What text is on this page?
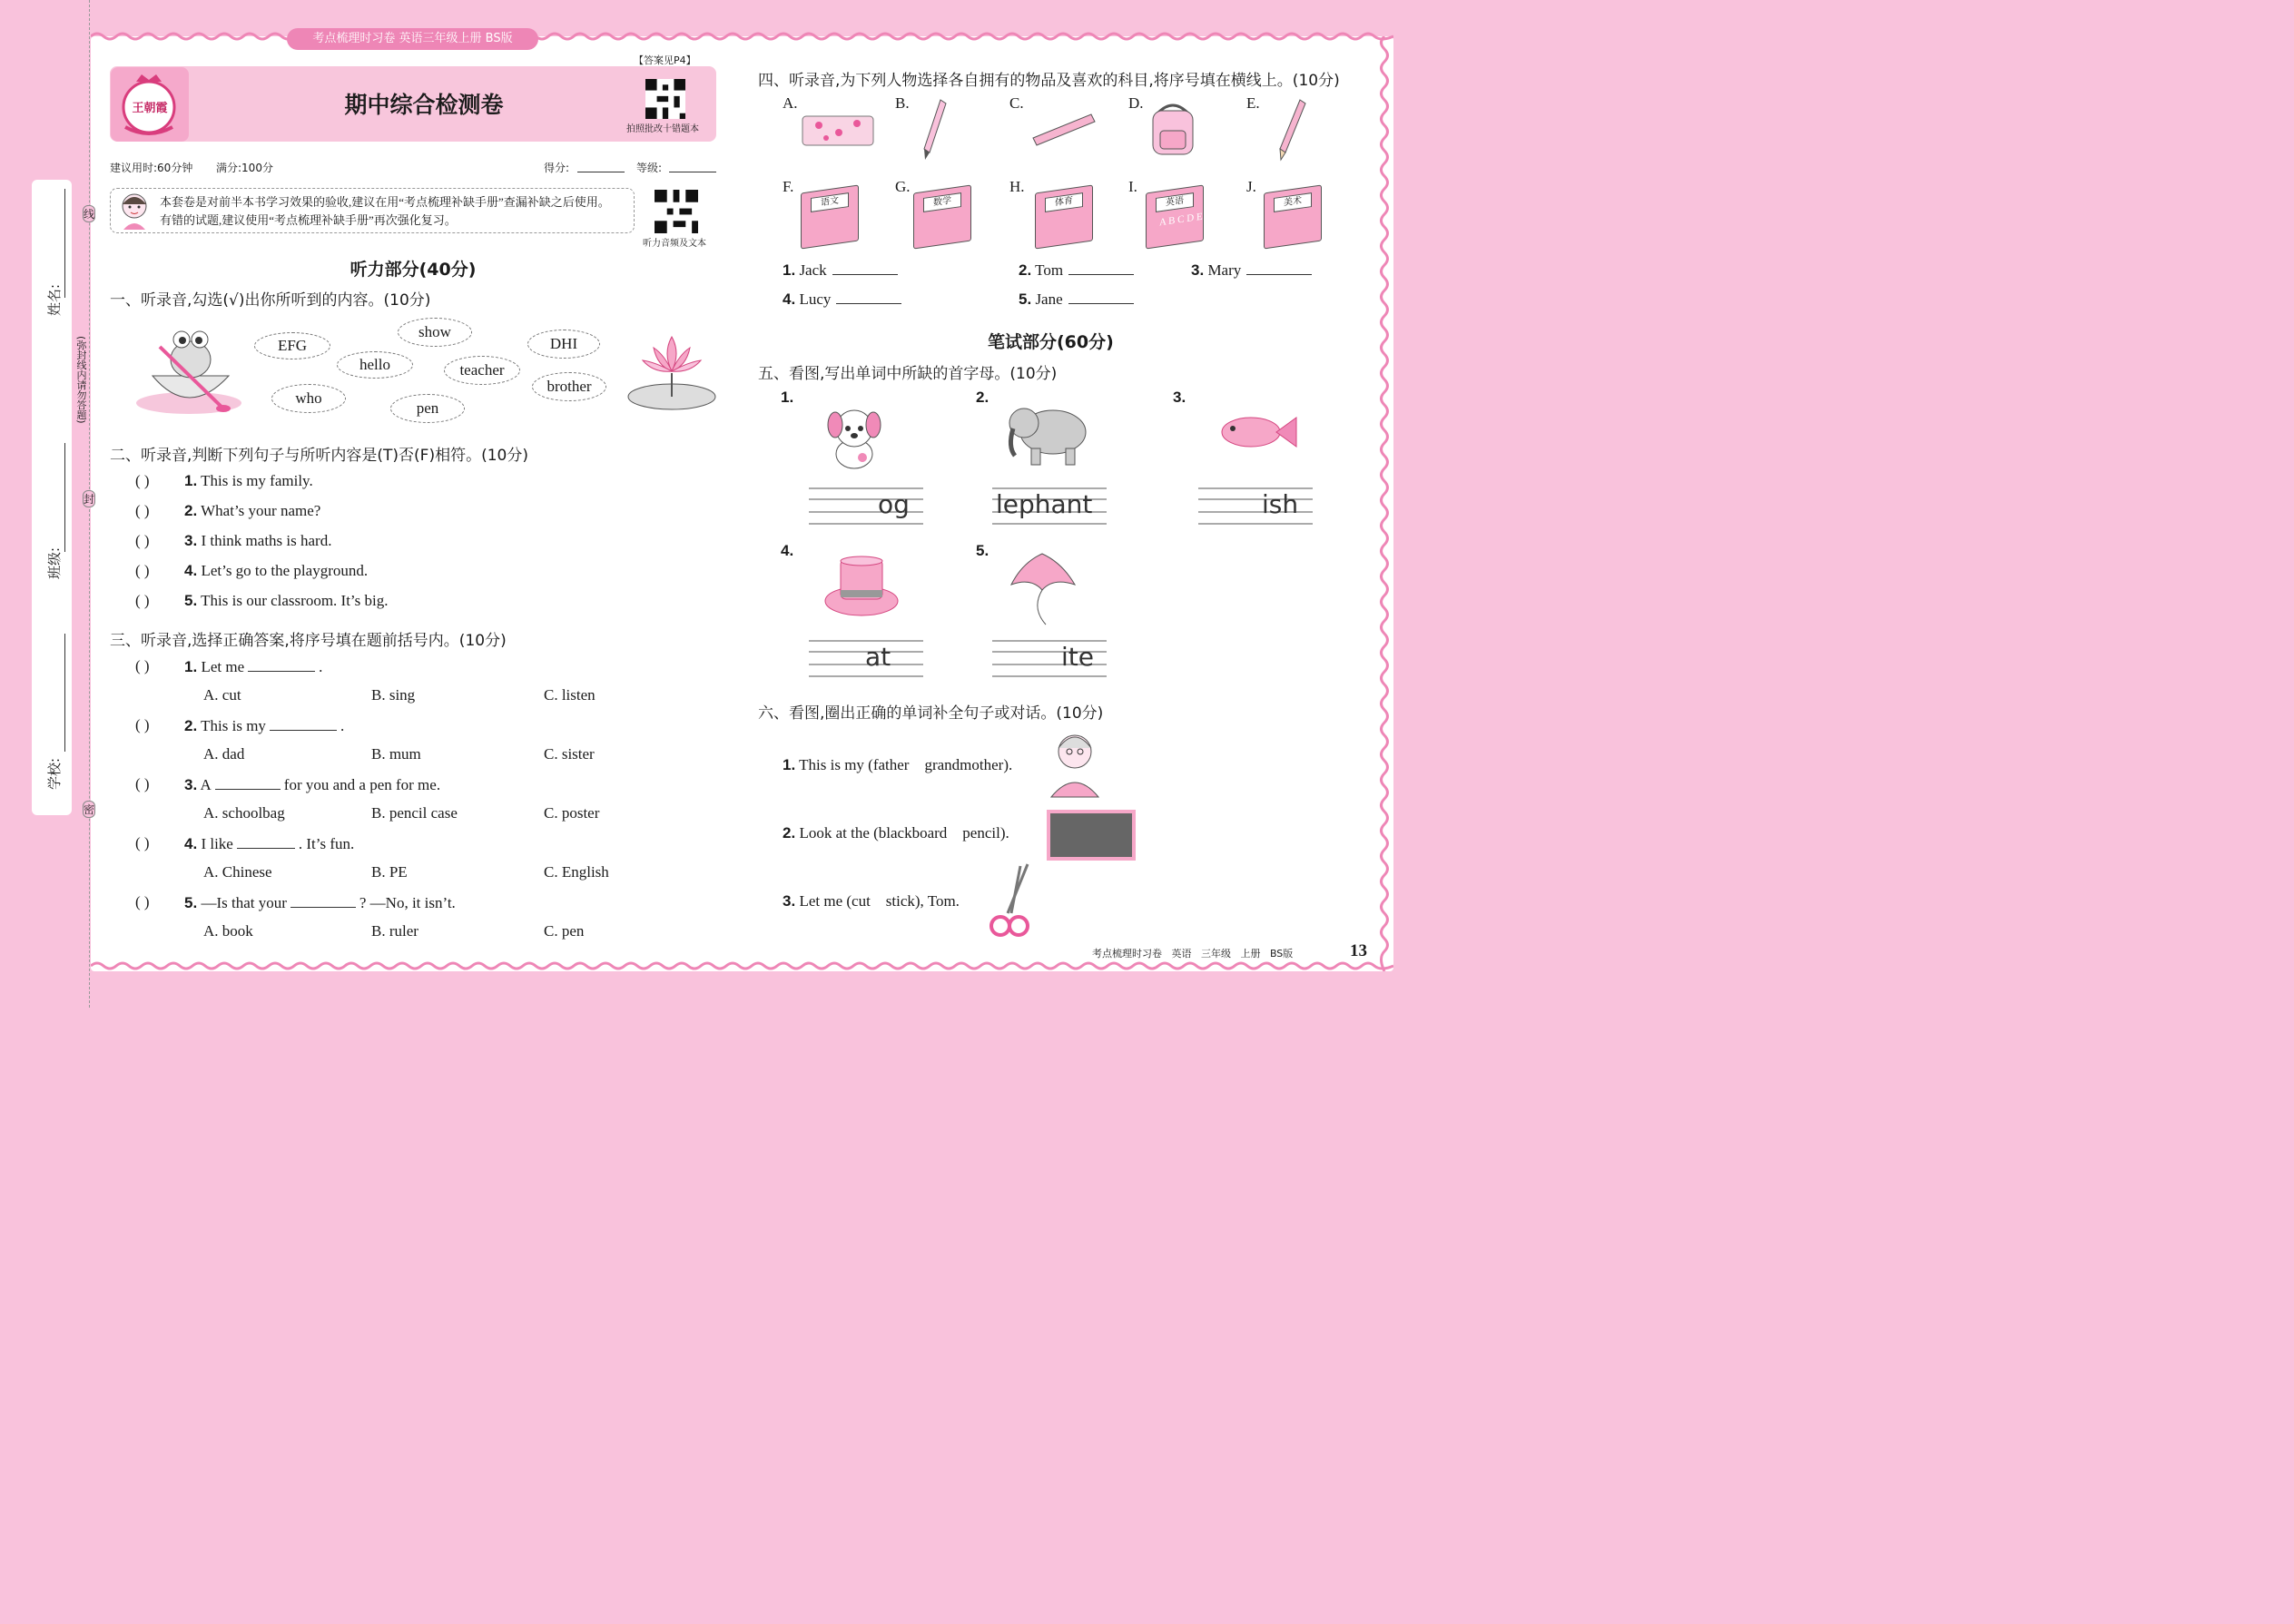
线
封
密
(弥封线内请勿答题)
姓名:
班级:
学校:
考点梳理时习卷 英语三年级上册 BS版
王朝霞	期中综合检测卷
【答案见P4】
拍照批改十错题本
建议用时:60分钟 满分:100分	得分:	等级:
本套卷是对前半本书学习效果的验收,建议在用“考点梳理补缺手册”查漏补缺之后使用。
有错的试题,建议使用“考点梳理补缺手册”再次强化复习。
听力音频及文本
听力部分(40分)
一、听录音,勾选(√)出你所听到的内容。(10分)
EFG
hello
show
teacher
DHI
who
pen
brother
二、听录音,判断下列句子与所听内容是(T)否(F)相符。(10分)
( ) 1. This is my family.
( ) 2. What’s your name?
( ) 3. I think maths is hard.
( ) 4. Let’s go to the playground.
( ) 5. This is our classroom. It’s big.
三、听录音,选择正确答案,将序号填在题前括号内。(10分)
( ) 1. Let me	.
A. cut	B. sing	C. listen
( ) 2. This is my	.
A. dad	B. mum	C. sister
( ) 3. A	for you and a pen for me.
A. schoolbag	B. pencil case	C. poster
( ) 4. I like	. It’s fun.
A. Chinese	B. PE	C. English
( ) 5. —Is that your	? —No, it isn’t.
A. book	B. ruler	C. pen
四、听录音,为下列人物选择各自拥有的物品及喜欢的科目,将序号填在横线上。(10分)
A.	B.	C.	D.	E.
F.	G.	H.	I.	J.
语文	数学	体育	英语
A B C D E
美术
1. Jack	2. Tom	3. Mary
4. Lucy	5. Jane
笔试部分(60分)
五、看图,写出单词中所缺的首字母。(10分)
1.
og
2.
lephant
3.
ish
4.
at
5.
ite
六、看图,圈出正确的单词补全句子或对话。(10分)
1. This is my (father    grandmother).
2. Look at the (blackboard    pencil).
3. Let me (cut    stick), Tom.
考点梳理时习卷   英语   三年级   上册   BS版	13
